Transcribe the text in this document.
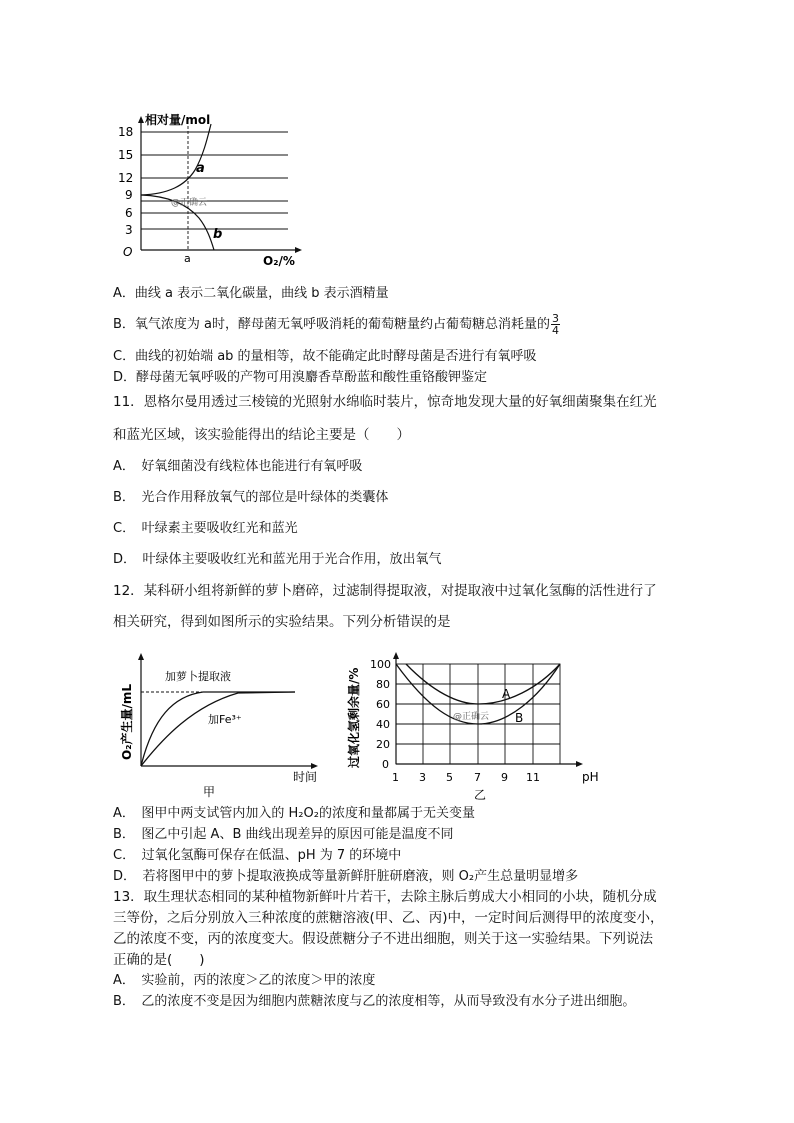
相对量/mol
18
15
12
9
6
3
O	a	O₂/%
a
b
@正确云
A．曲线 a 表示二氧化碳量，曲线 b 表示酒精量
B．氧气浓度为 a时，酵母菌无氧呼吸消耗的葡萄糖量约占葡萄糖总消耗量的 $\frac{3}{4}$
C．曲线的初始端 ab 的量相等，故不能确定此时酵母菌是否进行有氧呼吸
D．酵母菌无氧呼吸的产物可用溴麝香草酚蓝和酸性重铬酸钾鉴定
11．恩格尔曼用透过三棱镜的光照射水绵临时装片，惊奇地发现大量的好氧细菌聚集在红光
和蓝光区域，该实验能得出的结论主要是（　　）
A．　好氧细菌没有线粒体也能进行有氧呼吸
B．　光合作用释放氧气的部位是叶绿体的类囊体
C．　叶绿素主要吸收红光和蓝光
D．　叶绿体主要吸收红光和蓝光用于光合作用，放出氧气
12．某科研小组将新鲜的萝卜磨碎，过滤制得提取液，对提取液中过氧化氢酶的活性进行了
相关研究，得到如图所示的实验结果。下列分析错误的是
O₂产生量/mL
加萝卜提取液
加Fe³⁺
时间
甲
过氧化氢剩余量/%
100
80
60
40
20
0
1 3 5 7 9 11	pH
A
B
@正确云
乙
A．　图甲中两支试管内加入的 H₂O₂的浓度和量都属于无关变量
B．　图乙中引起 A、B 曲线出现差异的原因可能是温度不同
C．　过氧化氢酶可保存在低温、pH 为 7 的环境中
D．　若将图甲中的萝卜提取液换成等量新鲜肝脏研磨液，则 O₂产生总量明显增多
13．取生理状态相同的某种植物新鲜叶片若干，去除主脉后剪成大小相同的小块，随机分成
三等份，之后分别放入三种浓度的蔗糖溶液(甲、乙、丙)中，一定时间后测得甲的浓度变小，
乙的浓度不变，丙的浓度变大。假设蔗糖分子不进出细胞，则关于这一实验结果。下列说法
正确的是(　　)
A．　实验前，丙的浓度＞乙的浓度＞甲的浓度
B．　乙的浓度不变是因为细胞内蔗糖浓度与乙的浓度相等，从而导致没有水分子进出细胞。
